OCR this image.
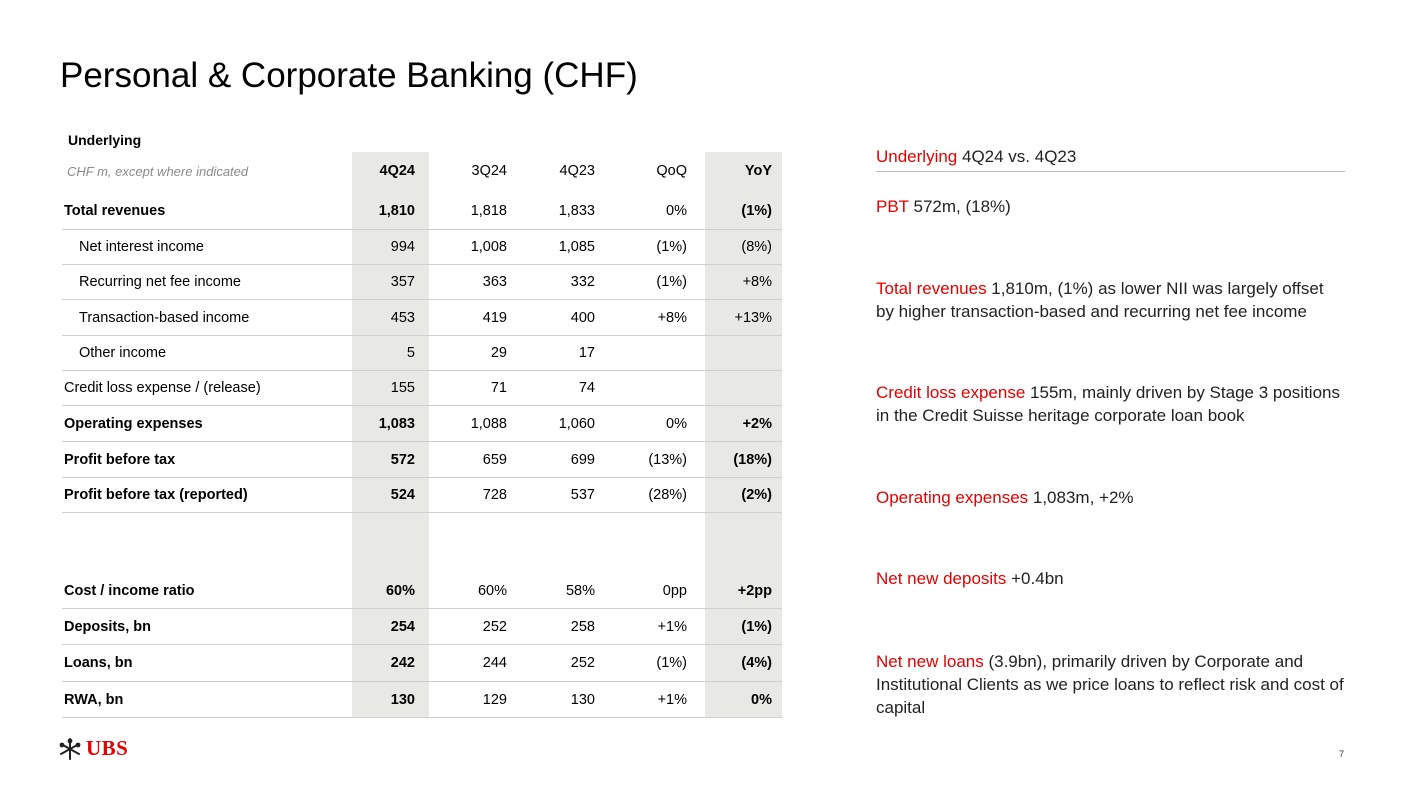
Personal & Corporate Banking (CHF)
Underlying
CHF m, except where indicated	4Q24	3Q24	4Q23	QoQ	YoY
Total revenues	1,810	1,818	1,833	0%	(1%)
Net interest income	994	1,008	1,085	(1%)	(8%)
Recurring net fee income	357	363	332	(1%)	+8%
Transaction-based income	453	419	400	+8%	+13%
Other income	5	29	17
Credit loss expense / (release)	155	71	74
Operating expenses	1,083	1,088	1,060	0%	+2%
Profit before tax	572	659	699	(13%)	(18%)
Profit before tax (reported)	524	728	537	(28%)	(2%)
Cost / income ratio	60%	60%	58%	0pp	+2pp
Deposits, bn	254	252	258	+1%	(1%)
Loans, bn	242	244	252	(1%)	(4%)
RWA, bn	130	129	130	+1%	0%
Underlying 4Q24 vs. 4Q23
PBT 572m, (18%)
Total revenues 1,810m, (1%) as lower NII was largely offset by higher transaction-based and recurring net fee income
Credit loss expense 155m, mainly driven by Stage 3 positions in the Credit Suisse heritage corporate loan book
Operating expenses 1,083m, +2%
Net new deposits +0.4bn
Net new loans (3.9bn), primarily driven by Corporate and Institutional Clients as we price loans to reflect risk and cost of capital
UBS	7
